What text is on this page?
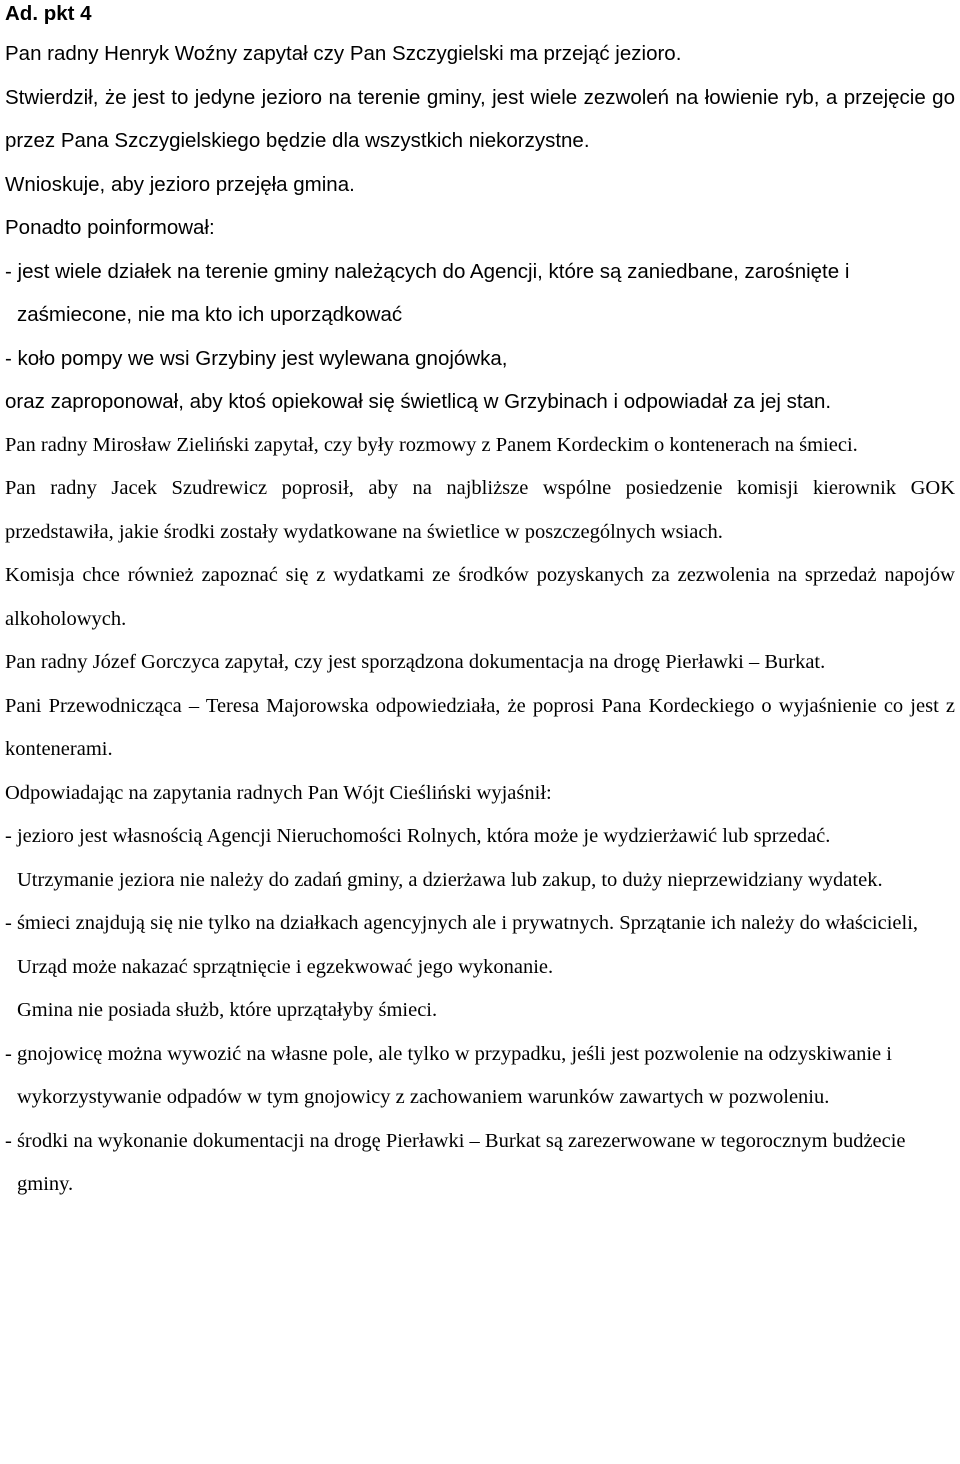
Ad. pkt 4

Pan radny Henryk Woźny zapytał czy Pan Szczygielski ma przejąć jezioro.

Stwierdził, że jest to jedyne jezioro na terenie gminy, jest wiele zezwoleń na łowienie ryb, a przejęcie go przez Pana Szczygielskiego będzie dla wszystkich niekorzystne.

Wnioskuje, aby jezioro przejęła gmina.

Ponadto poinformował:

- jest wiele działek na terenie gminy należących do Agencji, które są zaniedbane, zarośnięte i zaśmiecone, nie ma kto ich uporządkować

- koło pompy we wsi Grzybiny jest wylewana gnojówka,

oraz zaproponował, aby ktoś opiekował się świetlicą w Grzybinach i odpowiadał za jej stan.

Pan radny Mirosław Zieliński zapytał, czy były rozmowy z Panem Kordeckim o kontenerach na śmieci.

Pan radny Jacek Szudrewicz poprosił, aby na najbliższe wspólne posiedzenie komisji kierownik GOK przedstawiła, jakie środki zostały wydatkowane na świetlice w poszczególnych wsiach.

Komisja chce również zapoznać się z wydatkami ze środków pozyskanych za zezwolenia na sprzedaż napojów alkoholowych.

Pan radny Józef Gorczyca zapytał, czy jest sporządzona dokumentacja na drogę Pierławki – Burkat.

Pani Przewodnicząca – Teresa Majorowska odpowiedziała, że poprosi Pana Kordeckiego o wyjaśnienie co jest z kontenerami.

Odpowiadając na zapytania radnych Pan Wójt Cieśliński wyjaśnił:

- jezioro jest własnością Agencji Nieruchomości Rolnych, która może je wydzierżawić lub sprzedać.

Utrzymanie jeziora nie należy do zadań gminy, a dzierżawa lub zakup, to duży nieprzewidziany wydatek.

- śmieci znajdują się nie tylko na działkach agencyjnych ale i prywatnych. Sprzątanie ich należy do właścicieli, Urząd może nakazać sprzątnięcie i egzekwować jego wykonanie.

Gmina nie posiada służb, które uprzątałyby śmieci.

- gnojowicę można wywozić na własne pole, ale tylko w przypadku, jeśli jest pozwolenie na odzyskiwanie i wykorzystywanie odpadów w tym gnojowicy z zachowaniem warunków zawartych w pozwoleniu.

- środki na wykonanie dokumentacji na drogę Pierławki – Burkat są zarezerwowane w tegorocznym budżecie gminy.
